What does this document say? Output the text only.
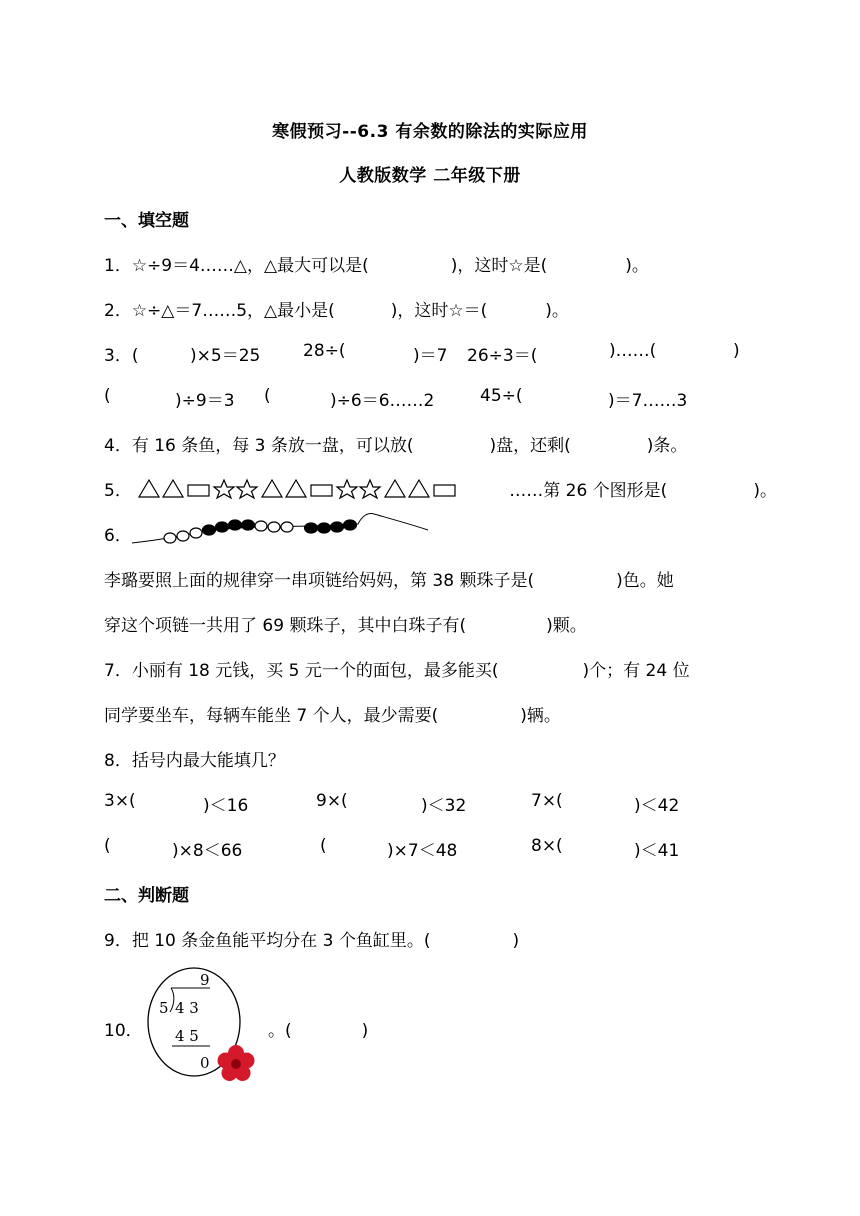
寒假预习--6.3 有余数的除法的实际应用
人教版数学 二年级下册
一、填空题
1．☆÷9＝4……△，△最大可以是(	)，这时☆是(	)。
2．☆÷△＝7……5，△最小是(	)，这时☆＝(	)。
3．(	)×5＝25	28÷(	)＝7 26÷3＝(	)……(	)
(	)÷9＝3 (	)÷6＝6……2	45÷(	)＝7……3
4．有 16 条鱼，每 3 条放一盘，可以放(	)盘，还剩(	)条。
5．	……第 26 个图形是(	)。
6．
李璐要照上面的规律穿一串项链给妈妈，第 38 颗珠子是(	)色。她
穿这个项链一共用了 69 颗珠子，其中白珠子有(	)颗。
7．小丽有 18 元钱，买 5 元一个的面包，最多能买(	)个；有 24 位
同学要坐车，每辆车能坐 7 个人，最少需要(	)辆。
8．括号内最大能填几？
3×(	)＜16	9×(	)＜32	7×(	)＜42
(	)×8＜66	(	)×7＜48	8×(	)＜41
二、判断题
9．把 10 条金鱼能平均分在 3 个鱼缸里。(	)
10．
9
5 4 3
4 5
0
。(	)
